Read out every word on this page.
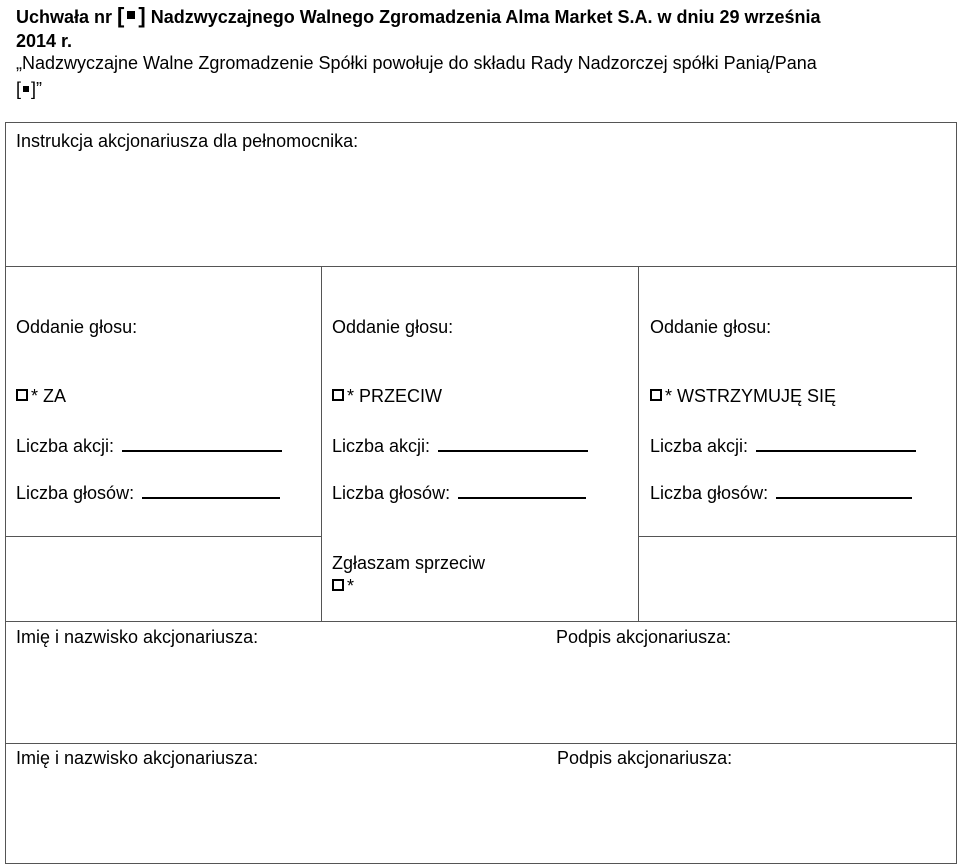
Uchwała nr [ ] Nadzwyczajnego Walnego Zgromadzenia Alma Market S.A. w dniu 29 września
2014 r.
„Nadzwyczajne Walne Zgromadzenie Spółki powołuje do składu Rady Nadzorczej spółki Panią/Pana
[ ]”
Instrukcja akcjonariusza dla pełnomocnika:
Oddanie głosu:
* ZA
Liczba akcji:
Liczba głosów:
Oddanie głosu:
* PRZECIW
Liczba akcji:
Liczba głosów:
Oddanie głosu:
* WSTRZYMUJĘ SIĘ
Liczba akcji:
Liczba głosów:
Zgłaszam sprzeciw
*
Imię i nazwisko akcjonariusza:	Podpis akcjonariusza:
Imię i nazwisko akcjonariusza:	Podpis akcjonariusza:
